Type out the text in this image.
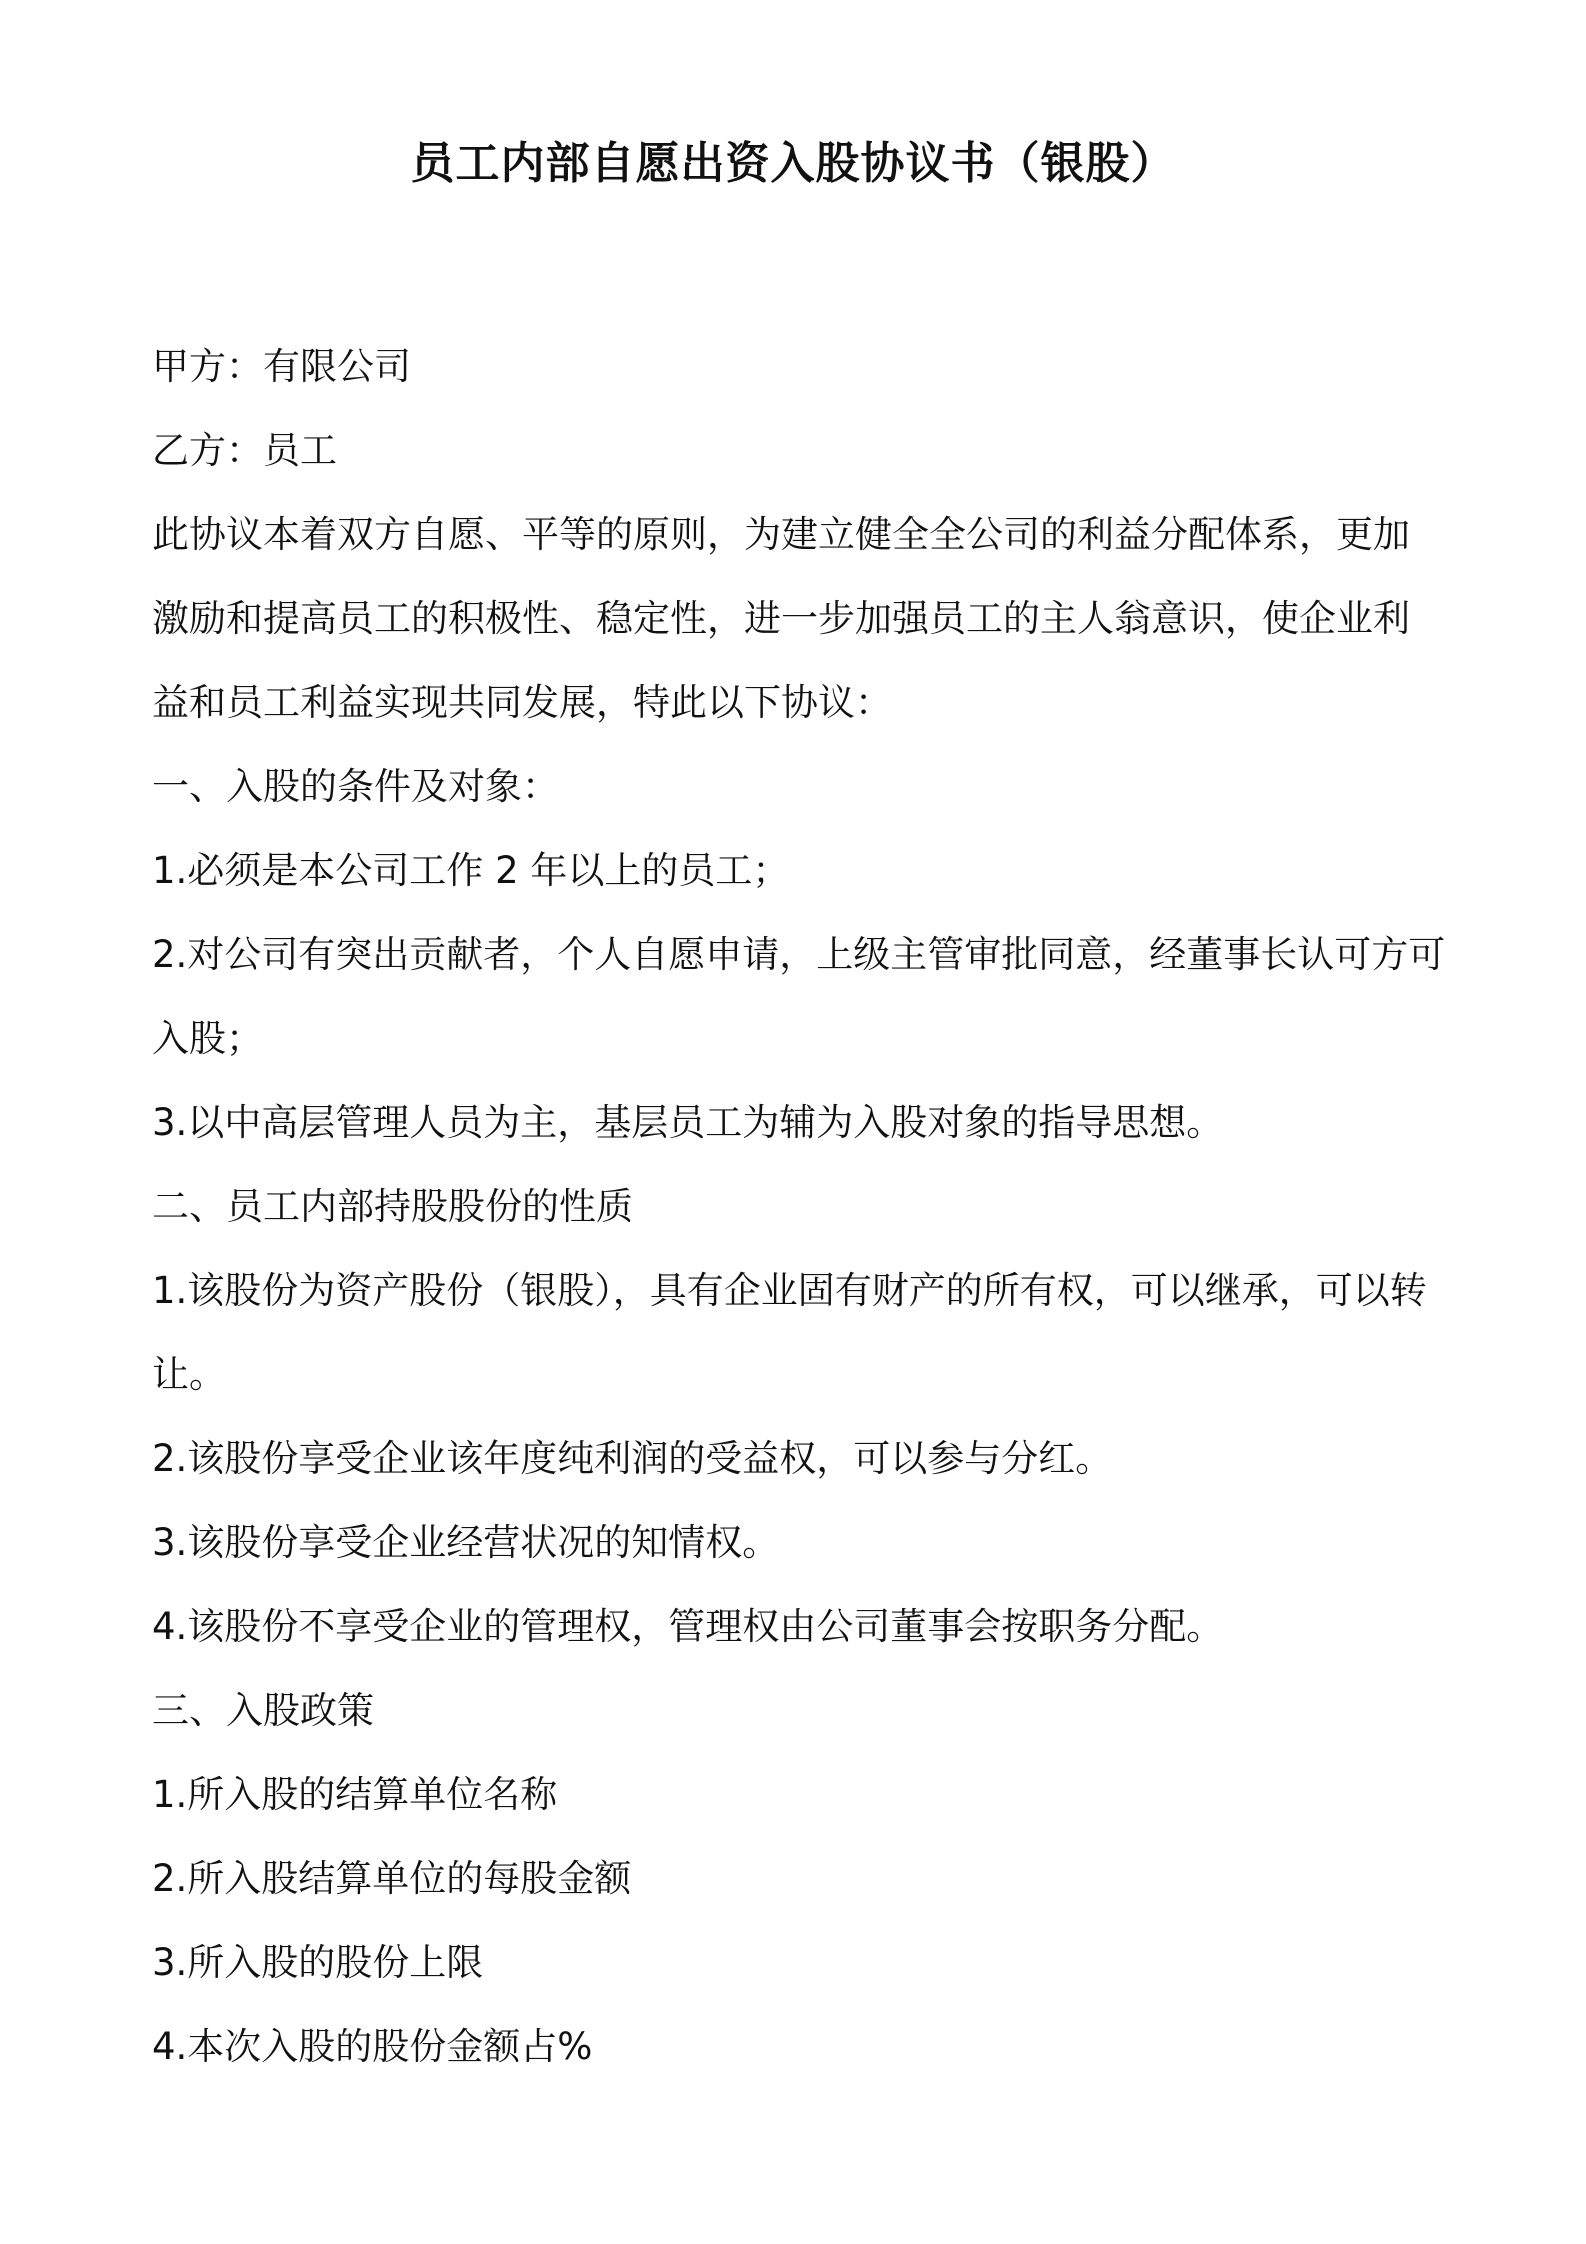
员工内部自愿出资入股协议书（银股）
甲方：有限公司
乙方：员工
此协议本着双方自愿、平等的原则，为建立健全全公司的利益分配体系，更加
激励和提高员工的积极性、稳定性，进一步加强员工的主人翁意识，使企业利
益和员工利益实现共同发展，特此以下协议：
一、入股的条件及对象：
1.必须是本公司工作 2 年以上的员工；
2.对公司有突出贡献者，个人自愿申请，上级主管审批同意，经董事长认可方可
入股；
3.以中高层管理人员为主，基层员工为辅为入股对象的指导思想。
二、员工内部持股股份的性质
1.该股份为资产股份（银股），具有企业固有财产的所有权，可以继承，可以转
让。
2.该股份享受企业该年度纯利润的受益权，可以参与分红。
3.该股份享受企业经营状况的知情权。
4.该股份不享受企业的管理权，管理权由公司董事会按职务分配。
三、入股政策
1.所入股的结算单位名称
2.所入股结算单位的每股金额
3.所入股的股份上限
4.本次入股的股份金额占%
